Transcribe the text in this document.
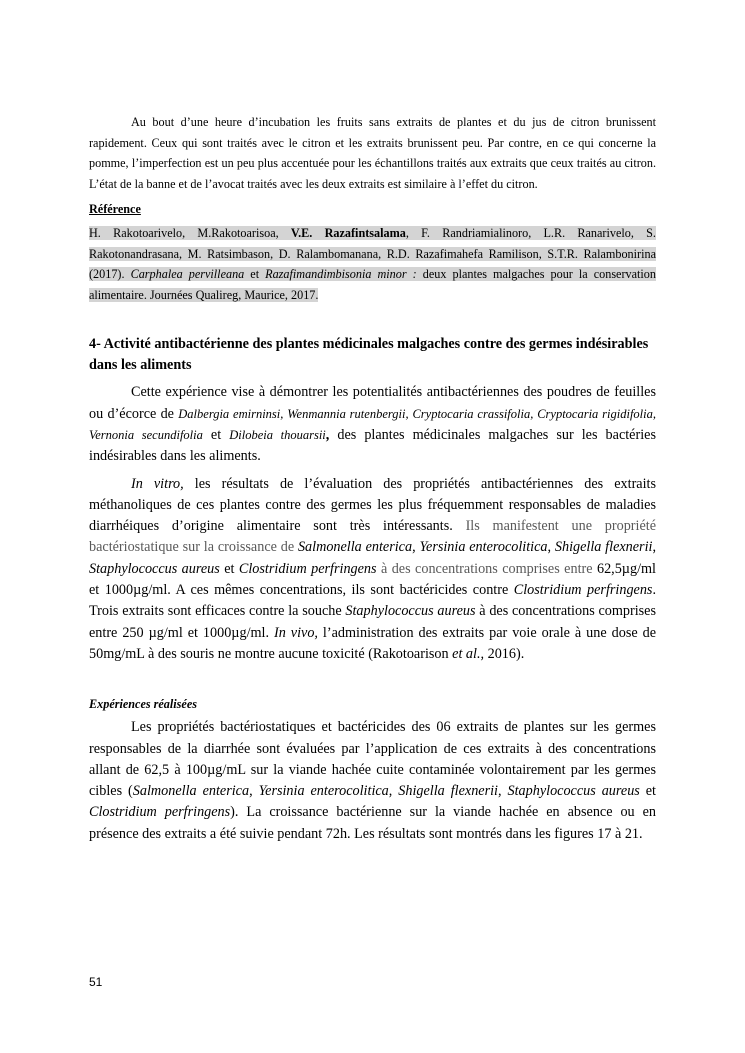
Au bout d’une heure d’incubation les fruits sans extraits de plantes et du jus de citron brunissent rapidement. Ceux qui sont traités avec le citron et les extraits brunissent peu. Par contre, en ce qui concerne la pomme, l’imperfection est un peu plus accentuée pour les échantillons traités aux extraits que ceux traités au citron. L’état de la banne et de l’avocat traités avec les deux extraits est similaire à l’effet du citron.

Référence

H. Rakotoarivelo, M.Rakotoarisoa, V.E. Razafintsalama, F. Randriamialinoro, L.R. Ranarivelo, S. Rakotonandrasana, M. Ratsimbason, D. Ralambomanana, R.D. Razafimahefa Ramilison, S.T.R. Ralambonirina (2017). Carphalea pervilleana et Razafimandimbisonia minor : deux plantes malgaches pour la conservation alimentaire. Journées Qualireg, Maurice, 2017.

4- Activité antibactérienne des plantes médicinales malgaches contre des germes indésirables dans les aliments

Cette expérience vise à démontrer les potentialités antibactériennes des poudres de feuilles ou d’écorce de Dalbergia emirninsi, Wenmannia rutenbergii, Cryptocaria crassifolia, Cryptocaria rigidifolia, Vernonia secundifolia et Dilobeia thouarsii, des plantes médicinales malgaches sur les bactéries indésirables dans les aliments.

In vitro, les résultats de l’évaluation des propriétés antibactériennes des extraits méthanoliques de ces plantes contre des germes les plus fréquemment responsables de maladies diarrhéiques d’origine alimentaire sont très intéressants. Ils manifestent une propriété bactériostatique sur la croissance de Salmonella enterica, Yersinia enterocolitica, Shigella flexnerii, Staphylococcus aureus et Clostridium perfringens à des concentrations comprises entre 62,5µg/ml et 1000µg/ml. A ces mêmes concentrations, ils sont bactéricides contre Clostridium perfringens. Trois extraits sont efficaces contre la souche Staphylococcus aureus à des concentrations comprises entre 250 µg/ml et 1000µg/ml. In vivo, l’administration des extraits par voie orale à une dose de 50mg/mL à des souris ne montre aucune toxicité (Rakotoarison et al., 2016).

Expériences réalisées

Les propriétés bactériostatiques et bactéricides des 06 extraits de plantes sur les germes responsables de la diarrhée sont évaluées par l’application de ces extraits à des concentrations allant de 62,5 à 100µg/mL sur la viande hachée cuite contaminée volontairement par les germes cibles (Salmonella enterica, Yersinia enterocolitica, Shigella flexnerii, Staphylococcus aureus et Clostridium perfringens). La croissance bactérienne sur la viande hachée en absence ou en présence des extraits a été suivie pendant 72h. Les résultats sont montrés dans les figures 17 à 21.

51
